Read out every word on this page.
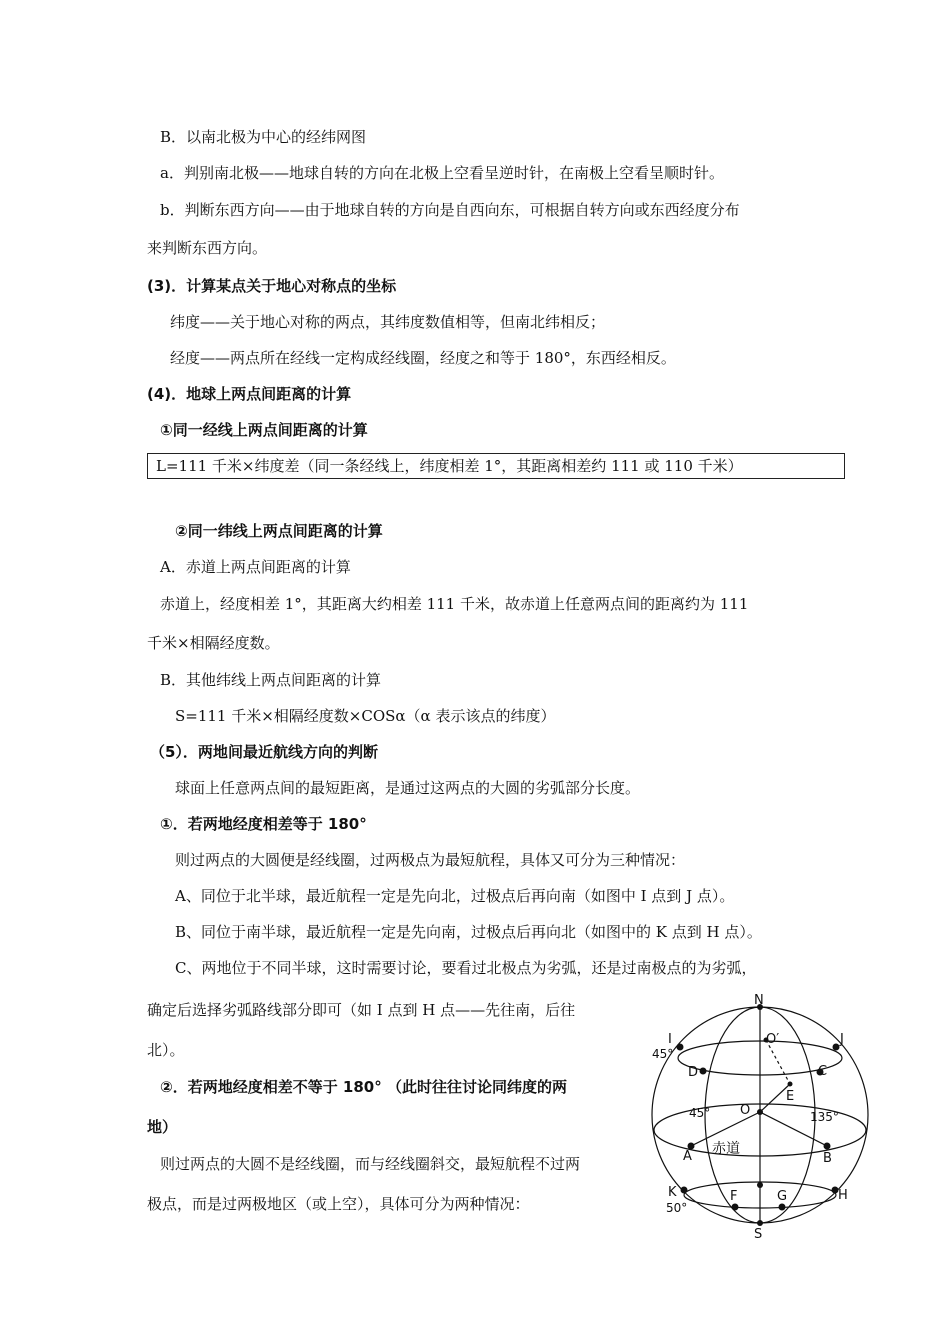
B．以南北极为中心的经纬网图
a．判别南北极——地球自转的方向在北极上空看呈逆时针，在南极上空看呈顺时针。
b．判断东西方向——由于地球自转的方向是自西向东，可根据自转方向或东西经度分布
来判断东西方向。
(3)．计算某点关于地心对称点的坐标
纬度——关于地心对称的两点，其纬度数值相等，但南北纬相反；
经度——两点所在经线一定构成经线圈，经度之和等于 180°，东西经相反。
(4)．地球上两点间距离的计算
①同一经线上两点间距离的计算
L=111 千米×纬度差（同一条经线上，纬度相差 1°，其距离相差约 111 或 110 千米）
②同一纬线上两点间距离的计算
A．赤道上两点间距离的计算
赤道上，经度相差 1°，其距离大约相差 111 千米，故赤道上任意两点间的距离约为 111
千米×相隔经度数。
B．其他纬线上两点间距离的计算
S=111 千米×相隔经度数×COSα（α 表示该点的纬度）
（5）．两地间最近航线方向的判断
球面上任意两点间的最短距离，是通过这两点的大圆的劣弧部分长度。
①．若两地经度相差等于 180°
则过两点的大圆便是经线圈，过两极点为最短航程，具体又可分为三种情况：
A、同位于北半球，最近航程一定是先向北，过极点后再向南（如图中 I 点到 J 点）。
B、同位于南半球，最近航程一定是先向南，过极点后再向北（如图中的 K 点到 H 点）。
C、两地位于不同半球，这时需要讨论，要看过北极点为劣弧，还是过南极点的为劣弧，
确定后选择劣弧路线部分即可（如 I 点到 H 点——先往南，后往
北）。
②．若两地经度相差不等于 180° （此时往往讨论同纬度的两
地）
则过两点的大圆不是经线圈，而与经线圈斜交，最短航程不过两
极点，而是过两极地区（或上空），具体可分为两种情况：
N
S
O
O′
I	J
D	C
E
A	B
K	F	G	H
45°
45°	135°
50°
赤道
